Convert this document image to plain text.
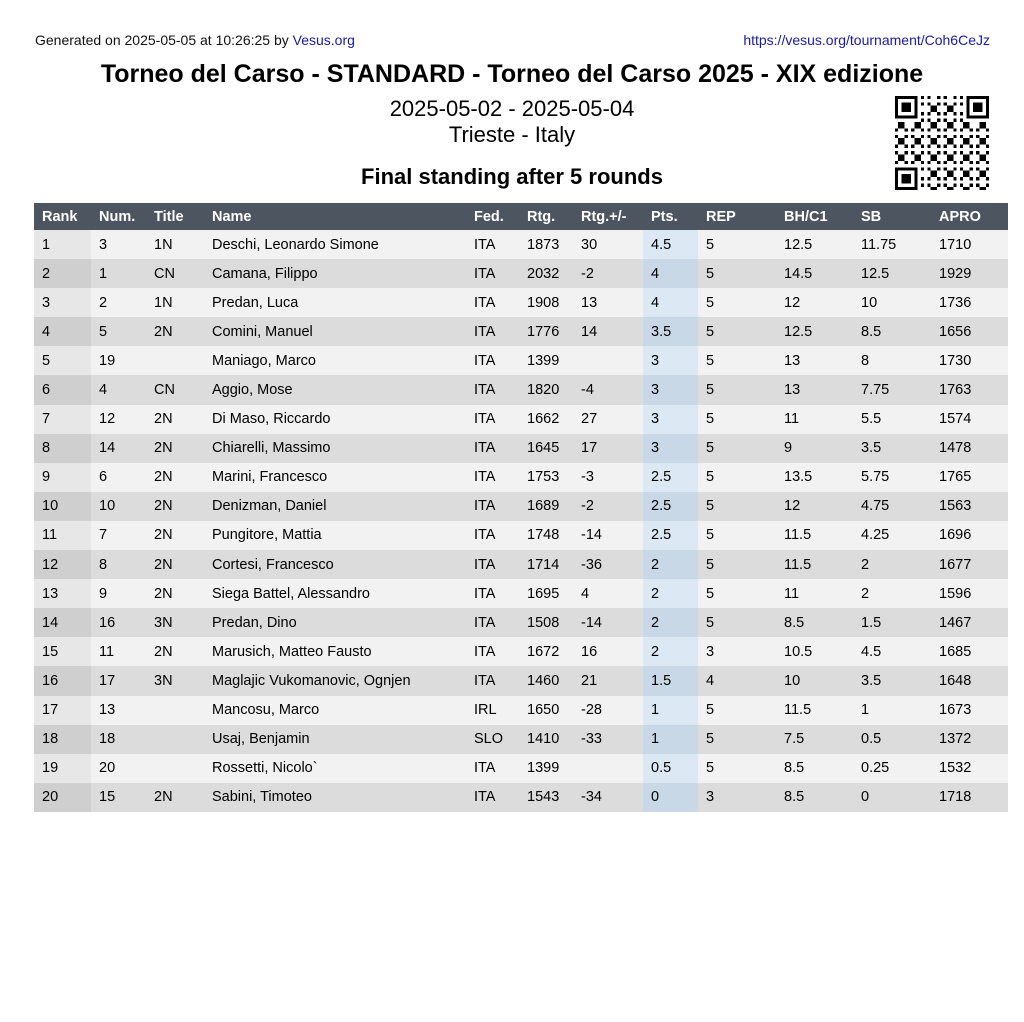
Generated on 2025-05-05 at 10:26:25 by Vesus.org	https://vesus.org/tournament/Coh6CeJz
Torneo del Carso - STANDARD - Torneo del Carso 2025 - XIX edizione
2025-05-02 - 2025-05-04
Trieste - Italy
Final standing after 5 rounds
Rank	Num.	Title	Name	Fed.	Rtg.	Rtg.+/-	Pts.	REP	BH/C1	SB	APRO
1	3	1N	Deschi, Leonardo Simone	ITA	1873	30	4.5	5	12.5	11.75	1710
2	1	CN	Camana, Filippo	ITA	2032	-2	4	5	14.5	12.5	1929
3	2	1N	Predan, Luca	ITA	1908	13	4	5	12	10	1736
4	5	2N	Comini, Manuel	ITA	1776	14	3.5	5	12.5	8.5	1656
5	19		Maniago, Marco	ITA	1399		3	5	13	8	1730
6	4	CN	Aggio, Mose	ITA	1820	-4	3	5	13	7.75	1763
7	12	2N	Di Maso, Riccardo	ITA	1662	27	3	5	11	5.5	1574
8	14	2N	Chiarelli, Massimo	ITA	1645	17	3	5	9	3.5	1478
9	6	2N	Marini, Francesco	ITA	1753	-3	2.5	5	13.5	5.75	1765
10	10	2N	Denizman, Daniel	ITA	1689	-2	2.5	5	12	4.75	1563
11	7	2N	Pungitore, Mattia	ITA	1748	-14	2.5	5	11.5	4.25	1696
12	8	2N	Cortesi, Francesco	ITA	1714	-36	2	5	11.5	2	1677
13	9	2N	Siega Battel, Alessandro	ITA	1695	4	2	5	11	2	1596
14	16	3N	Predan, Dino	ITA	1508	-14	2	5	8.5	1.5	1467
15	11	2N	Marusich, Matteo Fausto	ITA	1672	16	2	3	10.5	4.5	1685
16	17	3N	Maglajic Vukomanovic, Ognjen	ITA	1460	21	1.5	4	10	3.5	1648
17	13		Mancosu, Marco	IRL	1650	-28	1	5	11.5	1	1673
18	18		Usaj, Benjamin	SLO	1410	-33	1	5	7.5	0.5	1372
19	20		Rossetti, Nicolo`	ITA	1399		0.5	5	8.5	0.25	1532
20	15	2N	Sabini, Timoteo	ITA	1543	-34	0	3	8.5	0	1718
